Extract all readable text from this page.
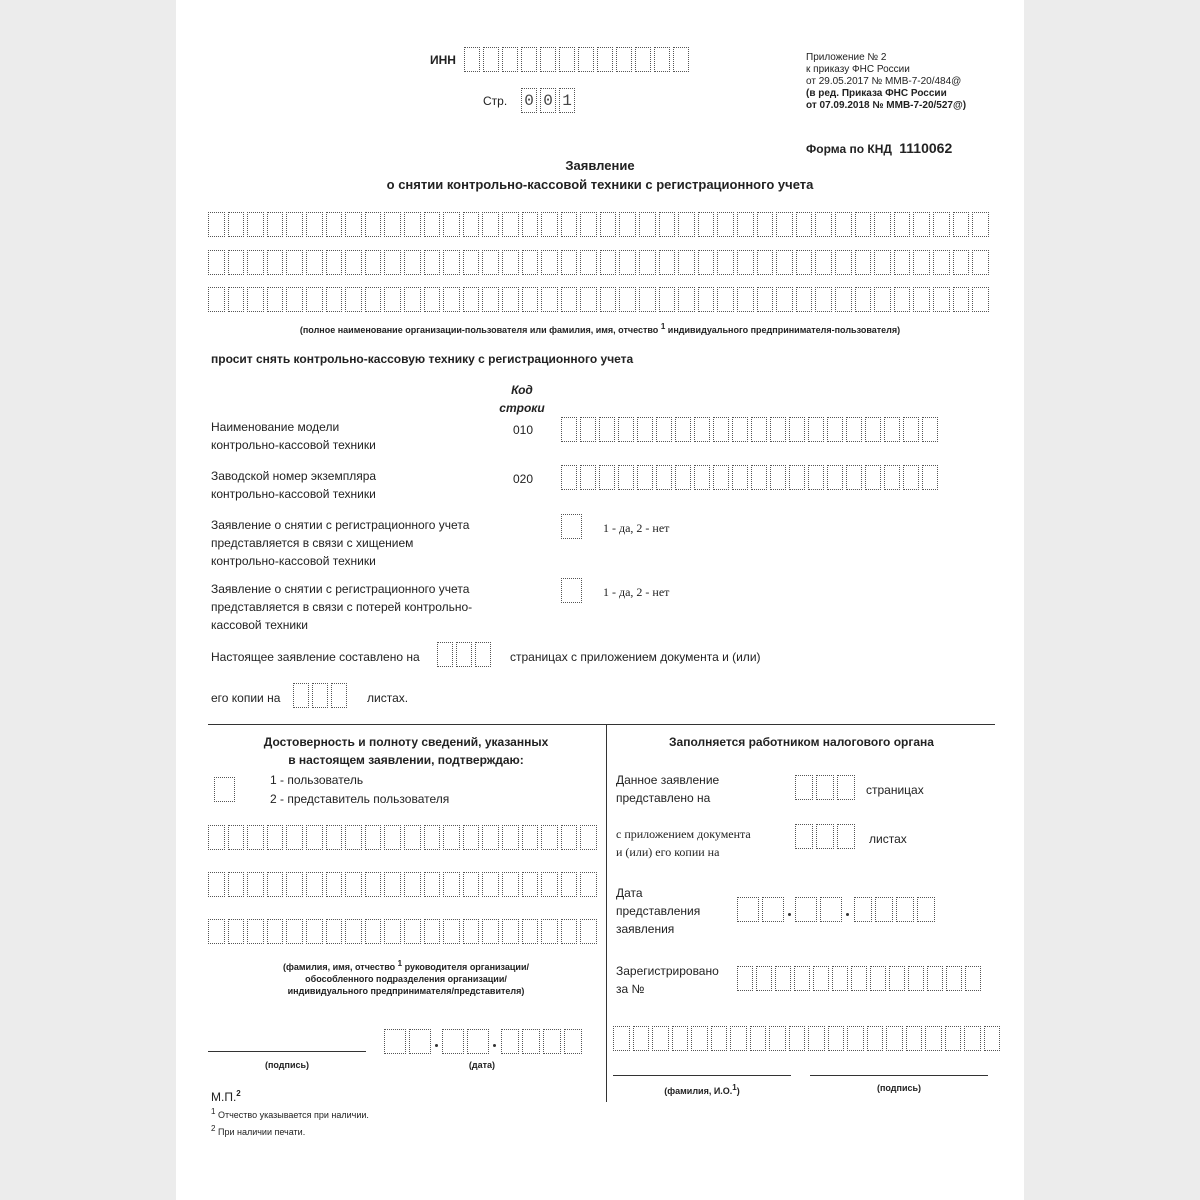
ИНН
Стр. 0 0 1
Приложение № 2
к приказу ФНС России
от 29.05.2017 № ММВ-7-20/484@
(в ред. Приказа ФНС России
от 07.09.2018 № ММВ-7-20/527@)
Форма по КНД 1110062
Заявление
о снятии контрольно-кассовой техники с регистрационного учета
(полное наименование организации-пользователя или фамилия, имя, отчество $^1$ индивидуального предпринимателя-пользователя)
просит снять контрольно-кассовую технику с регистрационного учета
Код
строки
Наименование модели
контрольно-кассовой техники
010
Заводской номер экземпляра
контрольно-кассовой техники
020
Заявление о снятии с регистрационного учета
представляется в связи с хищением
контрольно-кассовой техники
1 - да, 2 - нет
Заявление о снятии с регистрационного учета
представляется в связи с потерей контрольно-
кассовой техники
1 - да, 2 - нет
Настоящее заявление составлено на	страницах с приложением документа и (или)
его копии на	листах.
Достоверность и полноту сведений, указанных
в настоящем заявлении, подтверждаю:
1 - пользователь
2 - представитель пользователя
(фамилия, имя, отчество $^1$ руководителя организации/
обособленного подразделения организации/
индивидуального предпринимателя/представителя)
(подпись)	(дата)
М.П.$^2$
$^1$ Отчество указывается при наличии.
$^2$ При наличии печати.
Заполняется работником налогового органа
Данное заявление
представлено на
страницах
с приложением документа
и (или) его копии на
листах
Дата
представления
заявления
Зарегистрировано
за №
(фамилия, И.О.$^1$)	(подпись)
